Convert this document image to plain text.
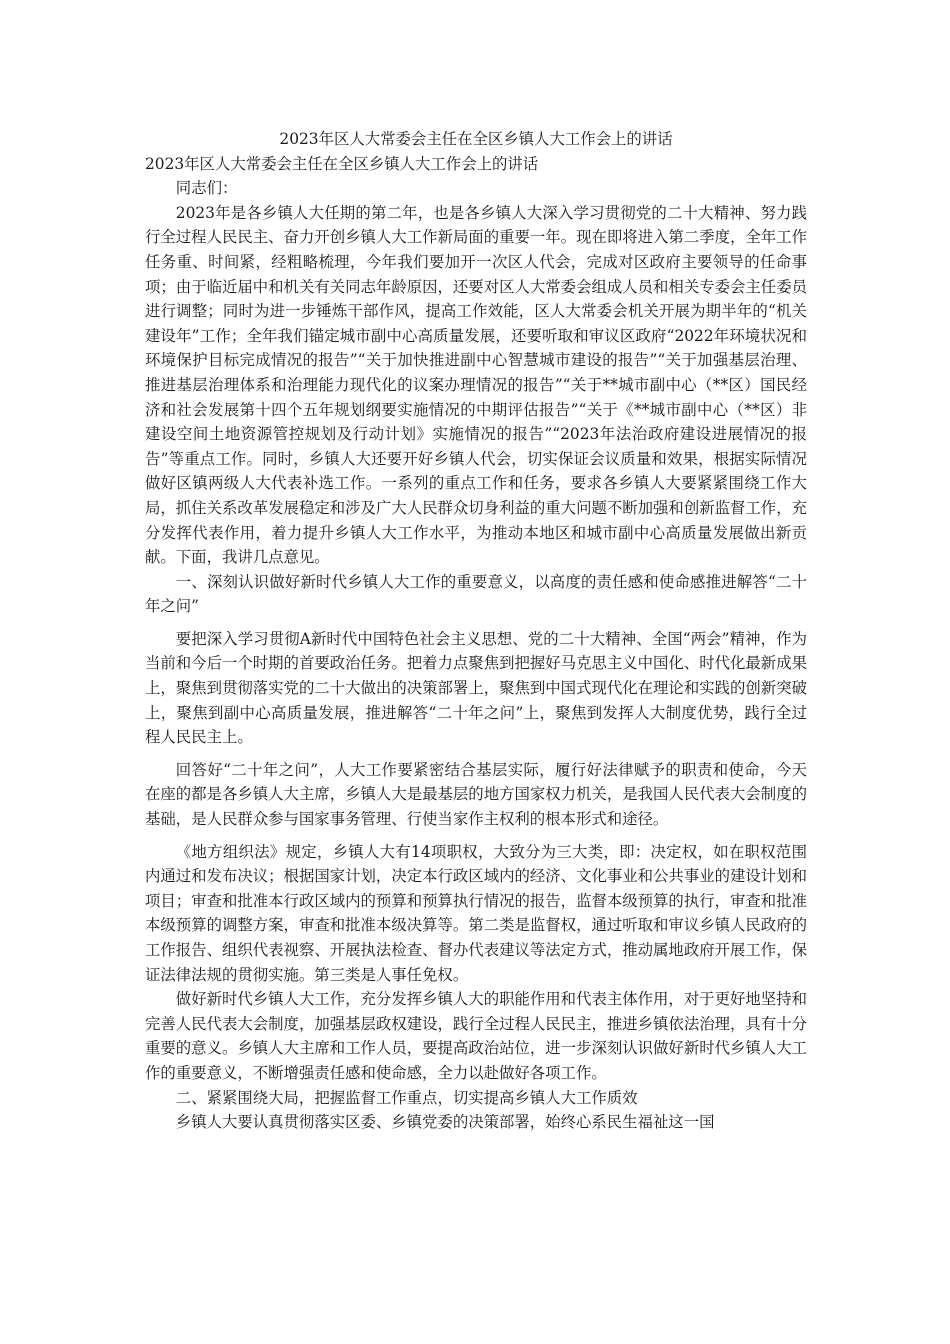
2023年区人大常委会主任在全区乡镇人大工作会上的讲话

2023年区人大常委会主任在全区乡镇人大工作会上的讲话

同志们：

2023年是各乡镇人大任期的第二年，也是各乡镇人大深入学习贯彻党的二十大精神、努力践行全过程人民民主、奋力开创乡镇人大工作新局面的重要一年。现在即将进入第二季度，全年工作任务重、时间紧，经粗略梳理，今年我们要加开一次区人代会，完成对区政府主要领导的任命事项；由于临近届中和机关有关同志年龄原因，还要对区人大常委会组成人员和相关专委会主任委员进行调整；同时为进一步锤炼干部作风，提高工作效能，区人大常委会机关开展为期半年的“机关建设年”工作；全年我们锚定城市副中心高质量发展，还要听取和审议区政府“2022年环境状况和环境保护目标完成情况的报告”“关于加快推进副中心智慧城市建设的报告”“关于加强基层治理、推进基层治理体系和治理能力现代化的议案办理情况的报告”“关于**城市副中心（**区）国民经济和社会发展第十四个五年规划纲要实施情况的中期评估报告”“关于《**城市副中心（**区）非建设空间土地资源管控规划及行动计划》实施情况的报告”“2023年法治政府建设进展情况的报告”等重点工作。同时，乡镇人大还要开好乡镇人代会，切实保证会议质量和效果，根据实际情况做好区镇两级人大代表补选工作。一系列的重点工作和任务，要求各乡镇人大要紧紧围绕工作大局，抓住关系改革发展稳定和涉及广大人民群众切身利益的重大问题不断加强和创新监督工作，充分发挥代表作用，着力提升乡镇人大工作水平，为推动本地区和城市副中心高质量发展做出新贡献。下面，我讲几点意见。

一、深刻认识做好新时代乡镇人大工作的重要意义，以高度的责任感和使命感推进解答“二十年之问”

要把深入学习贯彻A新时代中国特色社会主义思想、党的二十大精神、全国“两会”精神，作为当前和今后一个时期的首要政治任务。把着力点聚焦到把握好马克思主义中国化、时代化最新成果上，聚焦到贯彻落实党的二十大做出的决策部署上，聚焦到中国式现代化在理论和实践的创新突破上，聚焦到副中心高质量发展，推进解答“二十年之问”上，聚焦到发挥人大制度优势，践行全过程人民民主上。

回答好“二十年之问”，人大工作要紧密结合基层实际，履行好法律赋予的职责和使命，今天在座的都是各乡镇人大主席，乡镇人大是最基层的地方国家权力机关，是我国人民代表大会制度的基础，是人民群众参与国家事务管理、行使当家作主权利的根本形式和途径。

《地方组织法》规定，乡镇人大有14项职权，大致分为三大类，即：决定权，如在职权范围内通过和发布决议；根据国家计划，决定本行政区域内的经济、文化事业和公共事业的建设计划和项目；审查和批准本行政区域内的预算和预算执行情况的报告，监督本级预算的执行，审查和批准本级预算的调整方案，审查和批准本级决算等。第二类是监督权，通过听取和审议乡镇人民政府的工作报告、组织代表视察、开展执法检查、督办代表建议等法定方式，推动属地政府开展工作，保证法律法规的贯彻实施。第三类是人事任免权。

做好新时代乡镇人大工作，充分发挥乡镇人大的职能作用和代表主体作用，对于更好地坚持和完善人民代表大会制度，加强基层政权建设，践行全过程人民民主，推进乡镇依法治理，具有十分重要的意义。乡镇人大主席和工作人员，要提高政治站位，进一步深刻认识做好新时代乡镇人大工作的重要意义，不断增强责任感和使命感，全力以赴做好各项工作。

二、紧紧围绕大局，把握监督工作重点，切实提高乡镇人大工作质效

乡镇人大要认真贯彻落实区委、乡镇党委的决策部署，始终心系民生福祉这一国
